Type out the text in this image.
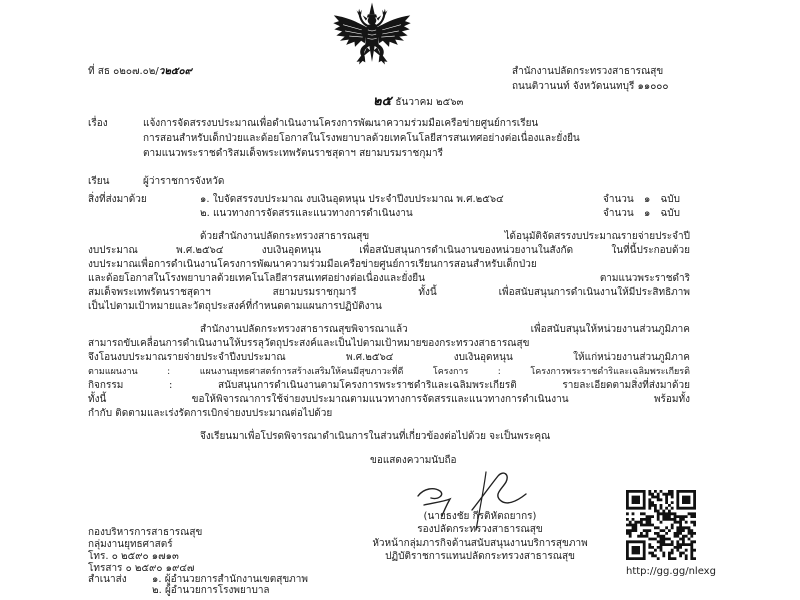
ที่ สธ ๐๒๐๗.๐๒/ว๒๕๐๙	สำนักงานปลัดกระทรวงสาธารณสุข
ถนนติวานนท์ จังหวัดนนทบุรี ๑๑๐๐๐
๒๕ ธันวาคม ๒๕๖๓
เรื่อง	แจ้งการจัดสรรงบประมาณเพื่อดำเนินงานโครงการพัฒนาความร่วมมือเครือข่ายศูนย์การเรียน
การสอนสำหรับเด็กป่วยและด้อยโอกาสในโรงพยาบาลด้วยเทคโนโลยีสารสนเทศอย่างต่อเนื่องและยั่งยืน
ตามแนวพระราชดำริสมเด็จพระเทพรัตนราชสุดาฯ สยามบรมราชกุมารี
เรียน	ผู้ว่าราชการจังหวัด
สิ่งที่ส่งมาด้วย	๑. ใบจัดสรรงบประมาณ งบเงินอุดหนุน ประจำปีงบประมาณ พ.ศ.๒๕๖๔	จำนวน ๑ ฉบับ
๒. แนวทางการจัดสรรและแนวทางการดำเนินงาน	จำนวน ๑ ฉบับ
ด้วยสำนักงานปลัดกระทรวงสาธารณสุข ได้อนุมัติจัดสรรงบประมาณรายจ่ายประจำปี
งบประมาณ พ.ศ.๒๕๖๔ งบเงินอุดหนุน เพื่อสนับสนุนการดำเนินงานของหน่วยงานในสังกัด ในที่นี้ประกอบด้วย
งบประมาณเพื่อการดำเนินงานโครงการพัฒนาความร่วมมือเครือข่ายศูนย์การเรียนการสอนสำหรับเด็กป่วย
และด้อยโอกาสในโรงพยาบาลด้วยเทคโนโลยีสารสนเทศอย่างต่อเนื่องและยั่งยืน ตามแนวพระราชดำริ
สมเด็จพระเทพรัตนราชสุดาฯ สยามบรมราชกุมารี ทั้งนี้ เพื่อสนับสนุนการดำเนินงานให้มีประสิทธิภาพ
เป็นไปตามเป้าหมายและวัตถุประสงค์ที่กำหนดตามแผนการปฏิบัติงาน
สำนักงานปลัดกระทรวงสาธารณสุขพิจารณาแล้ว เพื่อสนับสนุนให้หน่วยงานส่วนภูมิภาค
สามารถขับเคลื่อนการดำเนินงานให้บรรลุวัตถุประสงค์และเป็นไปตามเป้าหมายของกระทรวงสาธารณสุข
จึงโอนงบประมาณรายจ่ายประจำปีงบประมาณ พ.ศ.๒๕๖๔ งบเงินอุดหนุน ให้แก่หน่วยงานส่วนภูมิภาค
ตามแผนงาน : แผนงานยุทธศาสตร์การสร้างเสริมให้คนมีสุขภาวะที่ดี โครงการ : โครงการพระราชดำริและเฉลิมพระเกียรติ
กิจกรรม : สนับสนุนการดำเนินงานตามโครงการพระราชดำริและเฉลิมพระเกียรติ รายละเอียดตามสิ่งที่ส่งมาด้วย
ทั้งนี้ ขอให้พิจารณาการใช้จ่ายงบประมาณตามแนวทางการจัดสรรและแนวทางการดำเนินงาน พร้อมทั้ง
กำกับ ติดตามและเร่งรัดการเบิกจ่ายงบประมาณต่อไปด้วย
จึงเรียนมาเพื่อโปรดพิจารณาดำเนินการในส่วนที่เกี่ยวข้องต่อไปด้วย จะเป็นพระคุณ
ขอแสดงความนับถือ
(นายธงชัย กีรติหัตถยากร)
รองปลัดกระทรวงสาธารณสุข
หัวหน้ากลุ่มภารกิจด้านสนับสนุนงานบริการสุขภาพ
ปฏิบัติราชการแทนปลัดกระทรวงสาธารณสุข
กองบริหารการสาธารณสุข
กลุ่มงานยุทธศาสตร์
โทร. ๐ ๒๕๙๐ ๑๗๑๓
โทรสาร ๐ ๒๕๙๐ ๑๙๔๗
สำเนาส่ง	๑. ผู้อำนวยการสำนักงานเขตสุขภาพ
๒. ผู้อำนวยการโรงพยาบาล
http://gg.gg/nlexg
